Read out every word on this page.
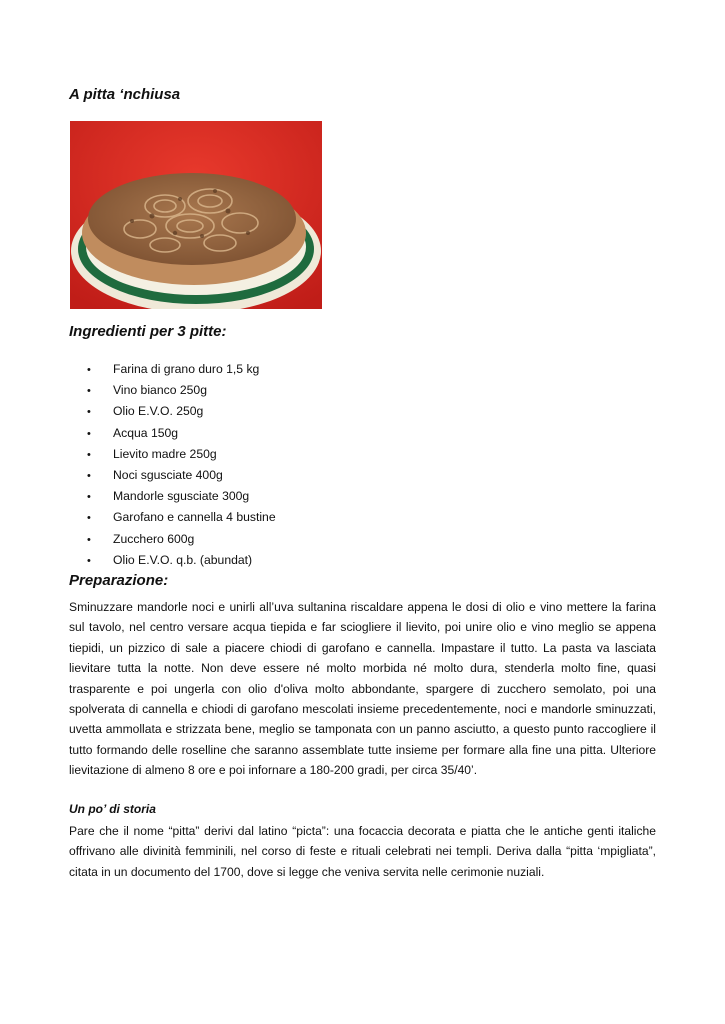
A pitta ‘nchiusa
Ingredienti per 3 pitte:
• Farina di grano duro 1,5 kg
• Vino bianco 250g
• Olio E.V.O. 250g
• Acqua 150g
• Lievito madre 250g
• Noci sgusciate 400g
• Mandorle sgusciate 300g
• Garofano e cannella 4 bustine
• Zucchero 600g
• Olio E.V.O. q.b. (abundat)
Preparazione:

Sminuzzare mandorle noci e unirli all’uva sultanina riscaldare appena le dosi di olio e vino mettere la farina sul tavolo, nel centro versare acqua tiepida e far sciogliere il lievito, poi unire olio e vino meglio se appena tiepidi, un pizzico di sale a piacere chiodi di garofano e cannella. Impastare il tutto. La pasta va lasciata lievitare tutta la notte. Non deve essere né molto morbida né molto dura, stenderla molto fine, quasi trasparente e poi ungerla con olio d'oliva molto abbondante, spargere di zucchero semolato, poi una spolverata di cannella e chiodi di garofano mescolati insieme precedentemente, noci e mandorle sminuzzati, uvetta ammollata e strizzata bene, meglio se tamponata con un panno asciutto, a questo punto raccogliere il tutto formando delle roselline che saranno assemblate tutte insieme per formare alla fine una pitta. Ulteriore lievitazione di almeno 8 ore e poi infornare a 180-200 gradi, per circa 35/40’.

Un po’ di storia

Pare che il nome “pitta” derivi dal latino “picta”: una focaccia decorata e piatta che le antiche genti italiche offrivano alle divinità femminili, nel corso di feste e rituali celebrati nei templi. Deriva dalla “pitta ‘mpigliata”, citata in un documento del 1700, dove si legge che veniva servita nelle cerimonie nuziali.
